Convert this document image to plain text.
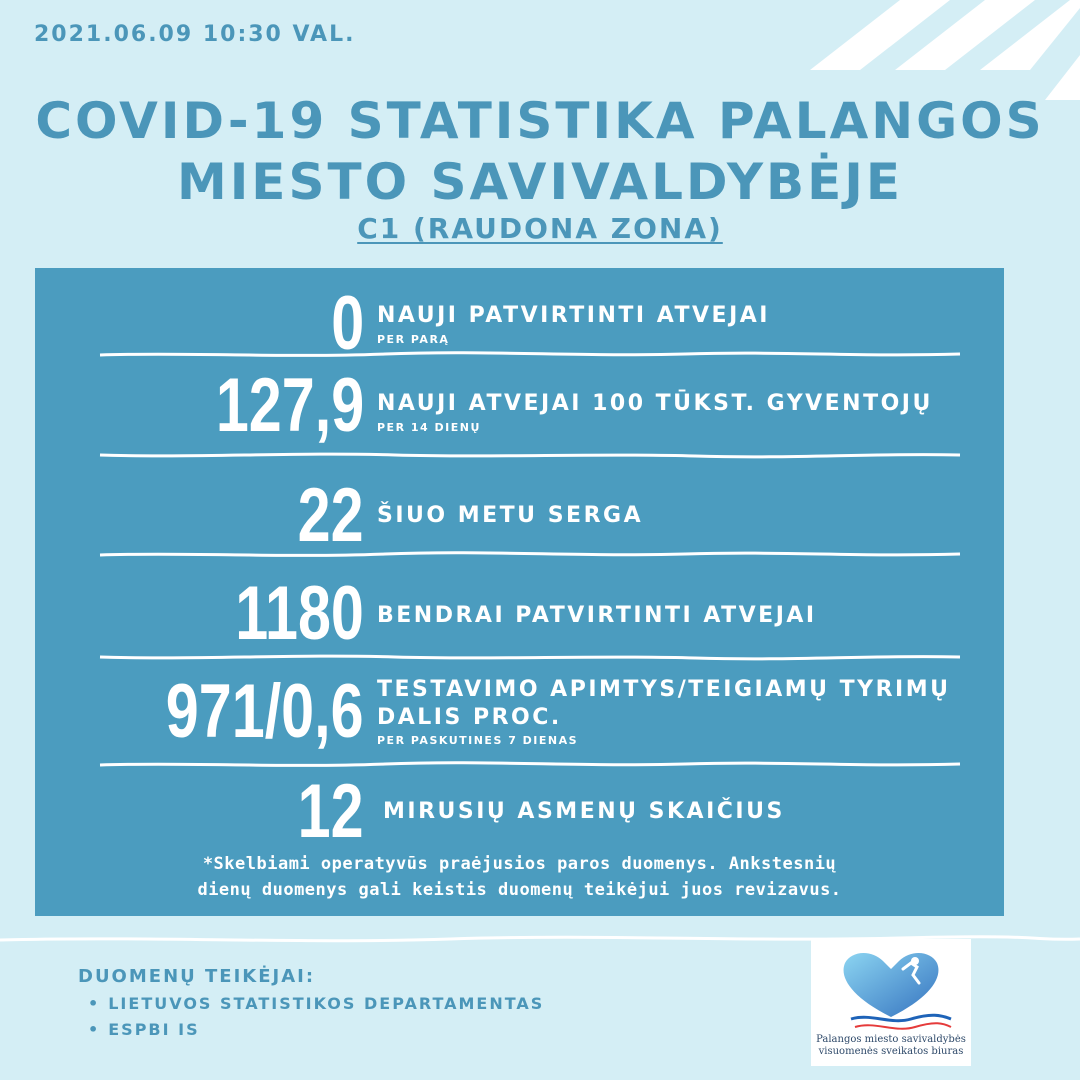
2021.06.09 10:30 VAL.
COVID-19 STATISTIKA PALANGOS
MIESTO SAVIVALDYBĖJE
C1 (RAUDONA ZONA)
0 NAUJI PATVIRTINTI ATVEJAI
PER PARĄ
127,9 NAUJI ATVEJAI 100 TŪKST. GYVENTOJŲ
PER 14 DIENŲ
22 ŠIUO METU SERGA
1180 BENDRAI PATVIRTINTI ATVEJAI
971/0,6 TESTAVIMO APIMTYS/TEIGIAMŲ TYRIMŲ DALIS PROC.
PER PASKUTINES 7 DIENAS
12 MIRUSIŲ ASMENŲ SKAIČIUS
*Skelbiami operatyvūs praėjusios paros duomenys. Ankstesnių
dienų duomenys gali keistis duomenų teikėjui juos revizavus.
DUOMENŲ TEIKĖJAI:
• LIETUVOS STATISTIKOS DEPARTAMENTAS
• ESPBI IS
Palangos miesto savivaldybės
visuomenės sveikatos biuras
